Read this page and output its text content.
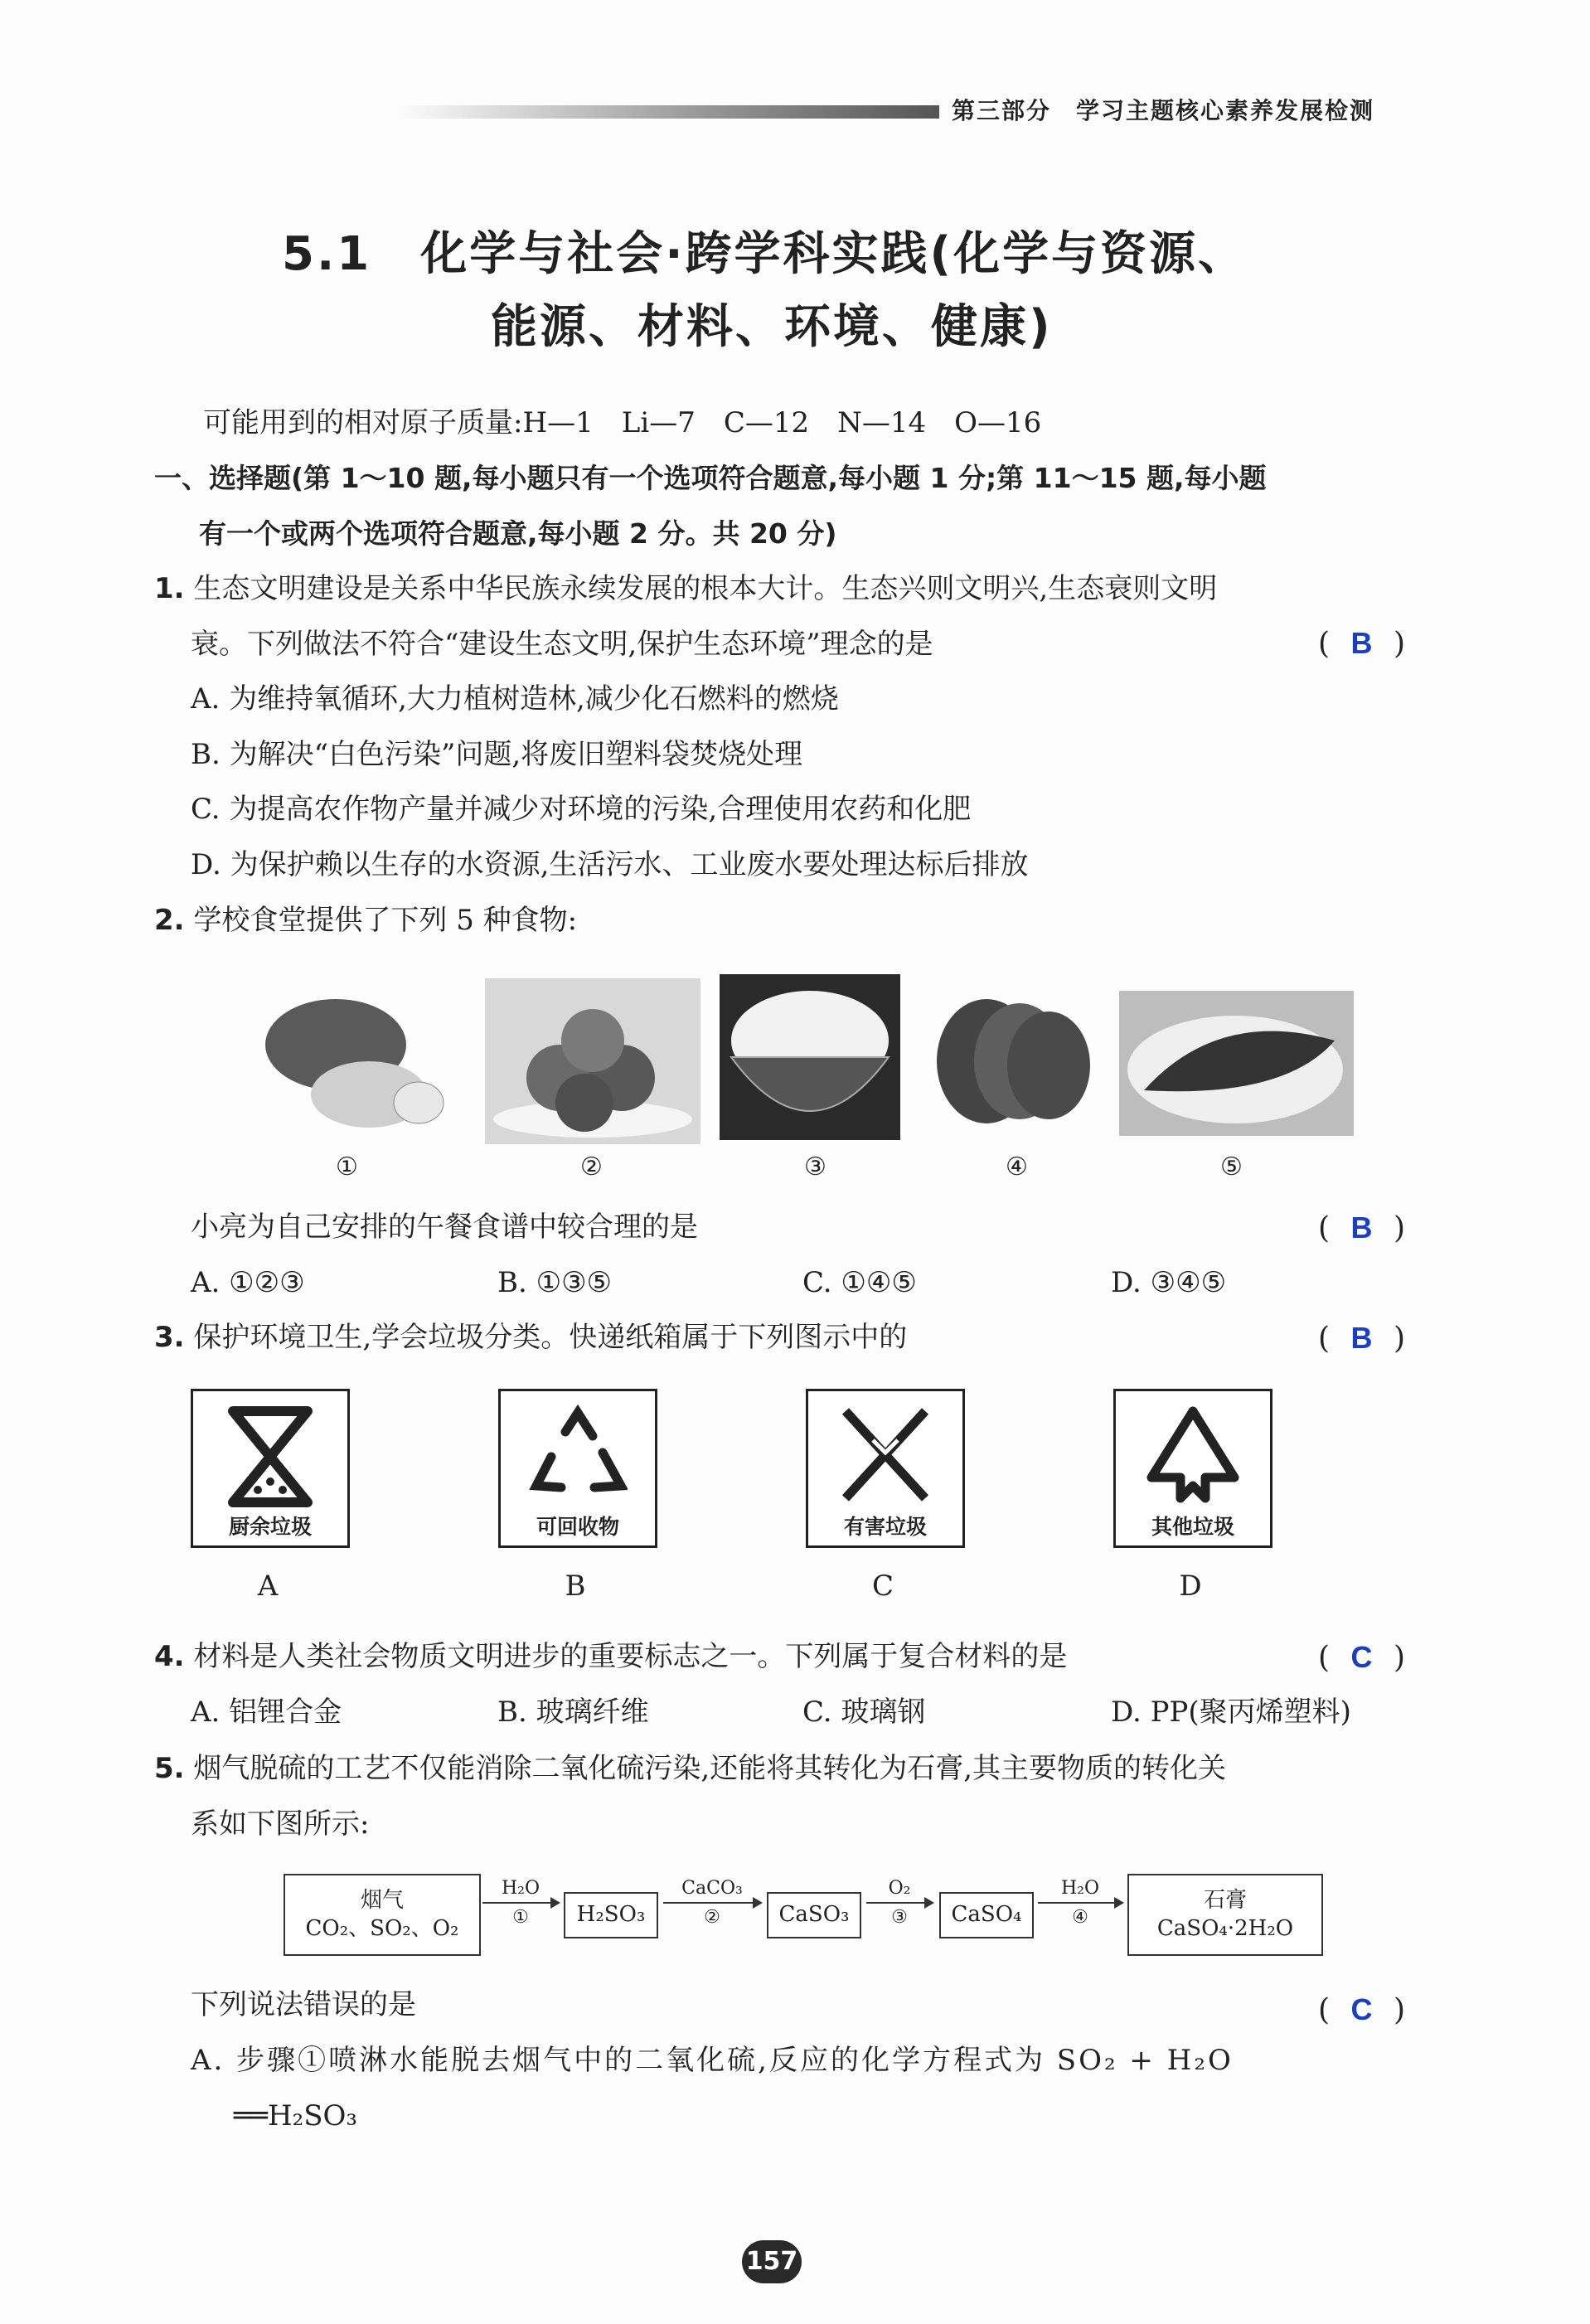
第三部分　学习主题核心素养发展检测
5.1　化学与社会·跨学科实践(化学与资源、
能源、材料、环境、健康)
可能用到的相对原子质量:H—1　Li—7　C—12　N—14　O—16
一、选择题(第 1～10 题,每小题只有一个选项符合题意,每小题 1 分;第 11～15 题,每小题
有一个或两个选项符合题意,每小题 2 分。共 20 分)
1. 生态文明建设是关系中华民族永续发展的根本大计。生态兴则文明兴,生态衰则文明
衰。下列做法不符合“建设生态文明,保护生态环境”理念的是	( B )
A. 为维持氧循环,大力植树造林,减少化石燃料的燃烧
B. 为解决“白色污染”问题,将废旧塑料袋焚烧处理
C. 为提高农作物产量并减少对环境的污染,合理使用农药和化肥
D. 为保护赖以生存的水资源,生活污水、工业废水要处理达标后排放
2. 学校食堂提供了下列 5 种食物:
①	②	③	④	⑤
小亮为自己安排的午餐食谱中较合理的是	( B )
A. ①②③	B. ①③⑤	C. ①④⑤	D. ③④⑤
3. 保护环境卫生,学会垃圾分类。快递纸箱属于下列图示中的	( B )
厨余垃圾	可回收物	有害垃圾	其他垃圾
A	B	C	D
4. 材料是人类社会物质文明进步的重要标志之一。下列属于复合材料的是	( C )
A. 铝锂合金	B. 玻璃纤维	C. 玻璃钢	D. PP(聚丙烯塑料)
5. 烟气脱硫的工艺不仅能消除二氧化硫污染,还能将其转化为石膏,其主要物质的转化关
系如下图所示:
烟气
CO₂、SO₂、O₂
H₂O
①	H₂SO₃
CaCO₃
②	CaSO₃
O₂
③	CaSO₄
H₂O
④
石膏
CaSO₄·2H₂O
下列说法错误的是	( C )
A. 步骤①喷淋水能脱去烟气中的二氧化硫,反应的化学方程式为 SO₂ + H₂O
══H₂SO₃
157
